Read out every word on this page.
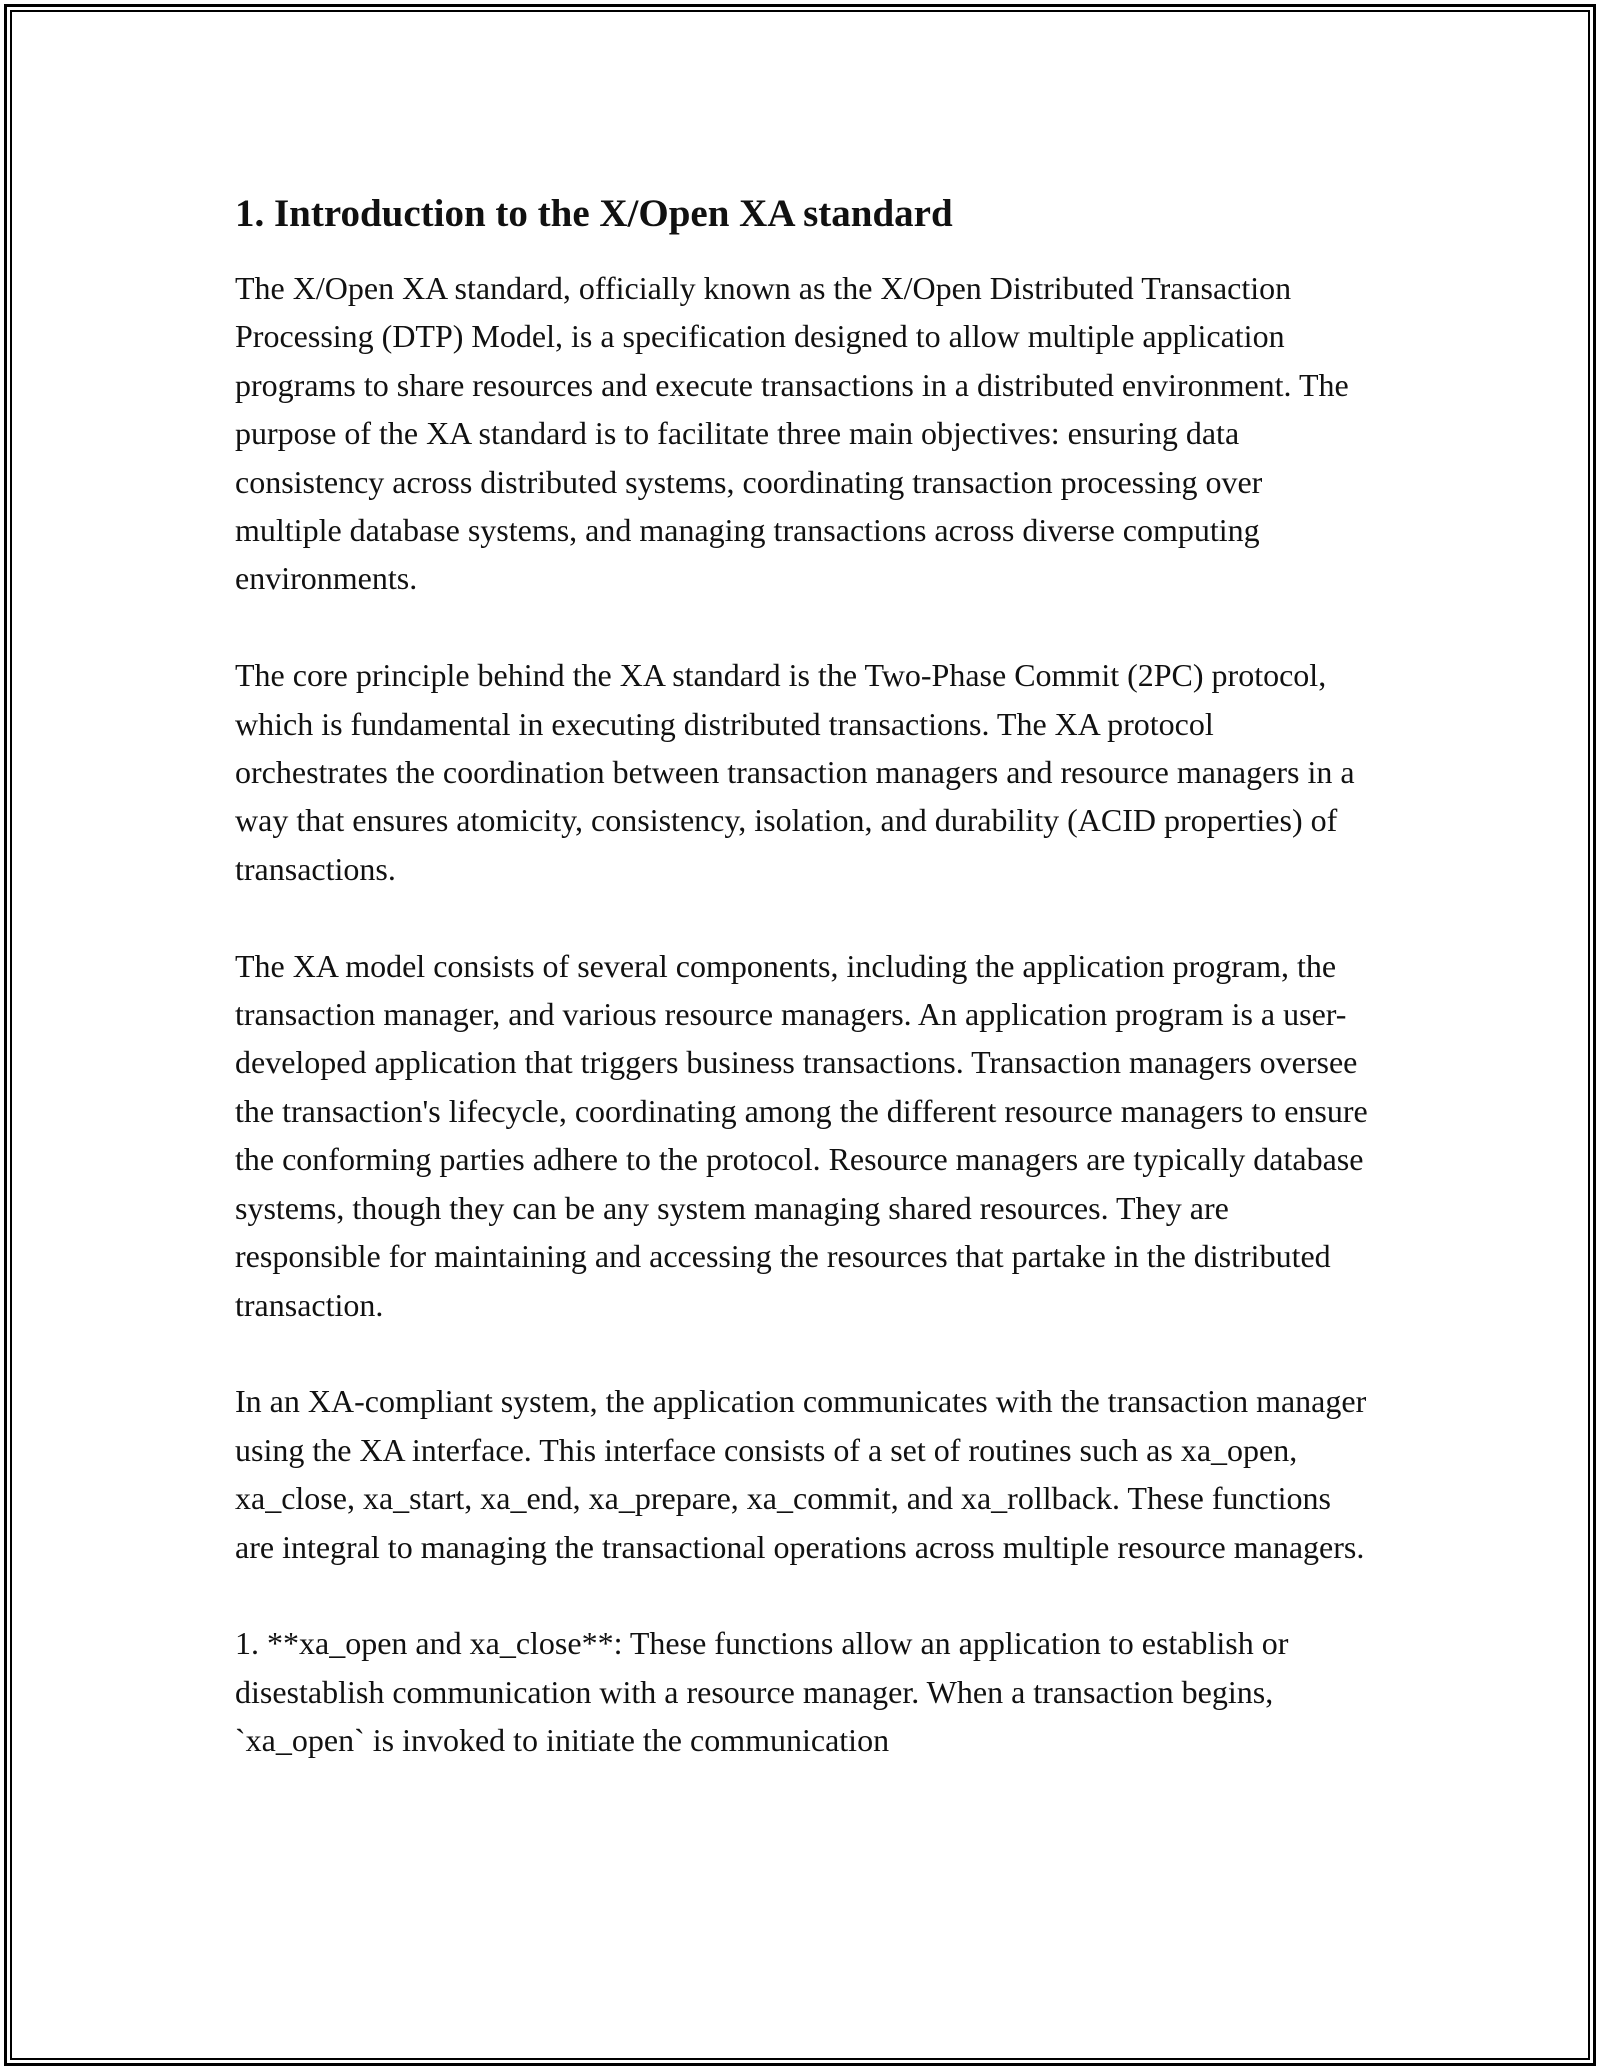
1. Introduction to the X/Open XA standard

The X/Open XA standard, officially known as the X/Open Distributed Transaction Processing (DTP) Model, is a specification designed to allow multiple application programs to share resources and execute transactions in a distributed environment. The purpose of the XA standard is to facilitate three main objectives: ensuring data consistency across distributed systems, coordinating transaction processing over multiple database systems, and managing transactions across diverse computing environments.

The core principle behind the XA standard is the Two-Phase Commit (2PC) protocol, which is fundamental in executing distributed transactions. The XA protocol orchestrates the coordination between transaction managers and resource managers in a way that ensures atomicity, consistency, isolation, and durability (ACID properties) of transactions.

The XA model consists of several components, including the application program, the transaction manager, and various resource managers. An application program is a user-developed application that triggers business transactions. Transaction managers oversee the transaction's lifecycle, coordinating among the different resource managers to ensure the conforming parties adhere to the protocol. Resource managers are typically database systems, though they can be any system managing shared resources. They are responsible for maintaining and accessing the resources that partake in the distributed transaction.

In an XA-compliant system, the application communicates with the transaction manager using the XA interface. This interface consists of a set of routines such as xa_open, xa_close, xa_start, xa_end, xa_prepare, xa_commit, and xa_rollback. These functions are integral to managing the transactional operations across multiple resource managers.

1. **xa_open and xa_close**: These functions allow an application to establish or disestablish communication with a resource manager. When a transaction begins, `xa_open` is invoked to initiate the communication
